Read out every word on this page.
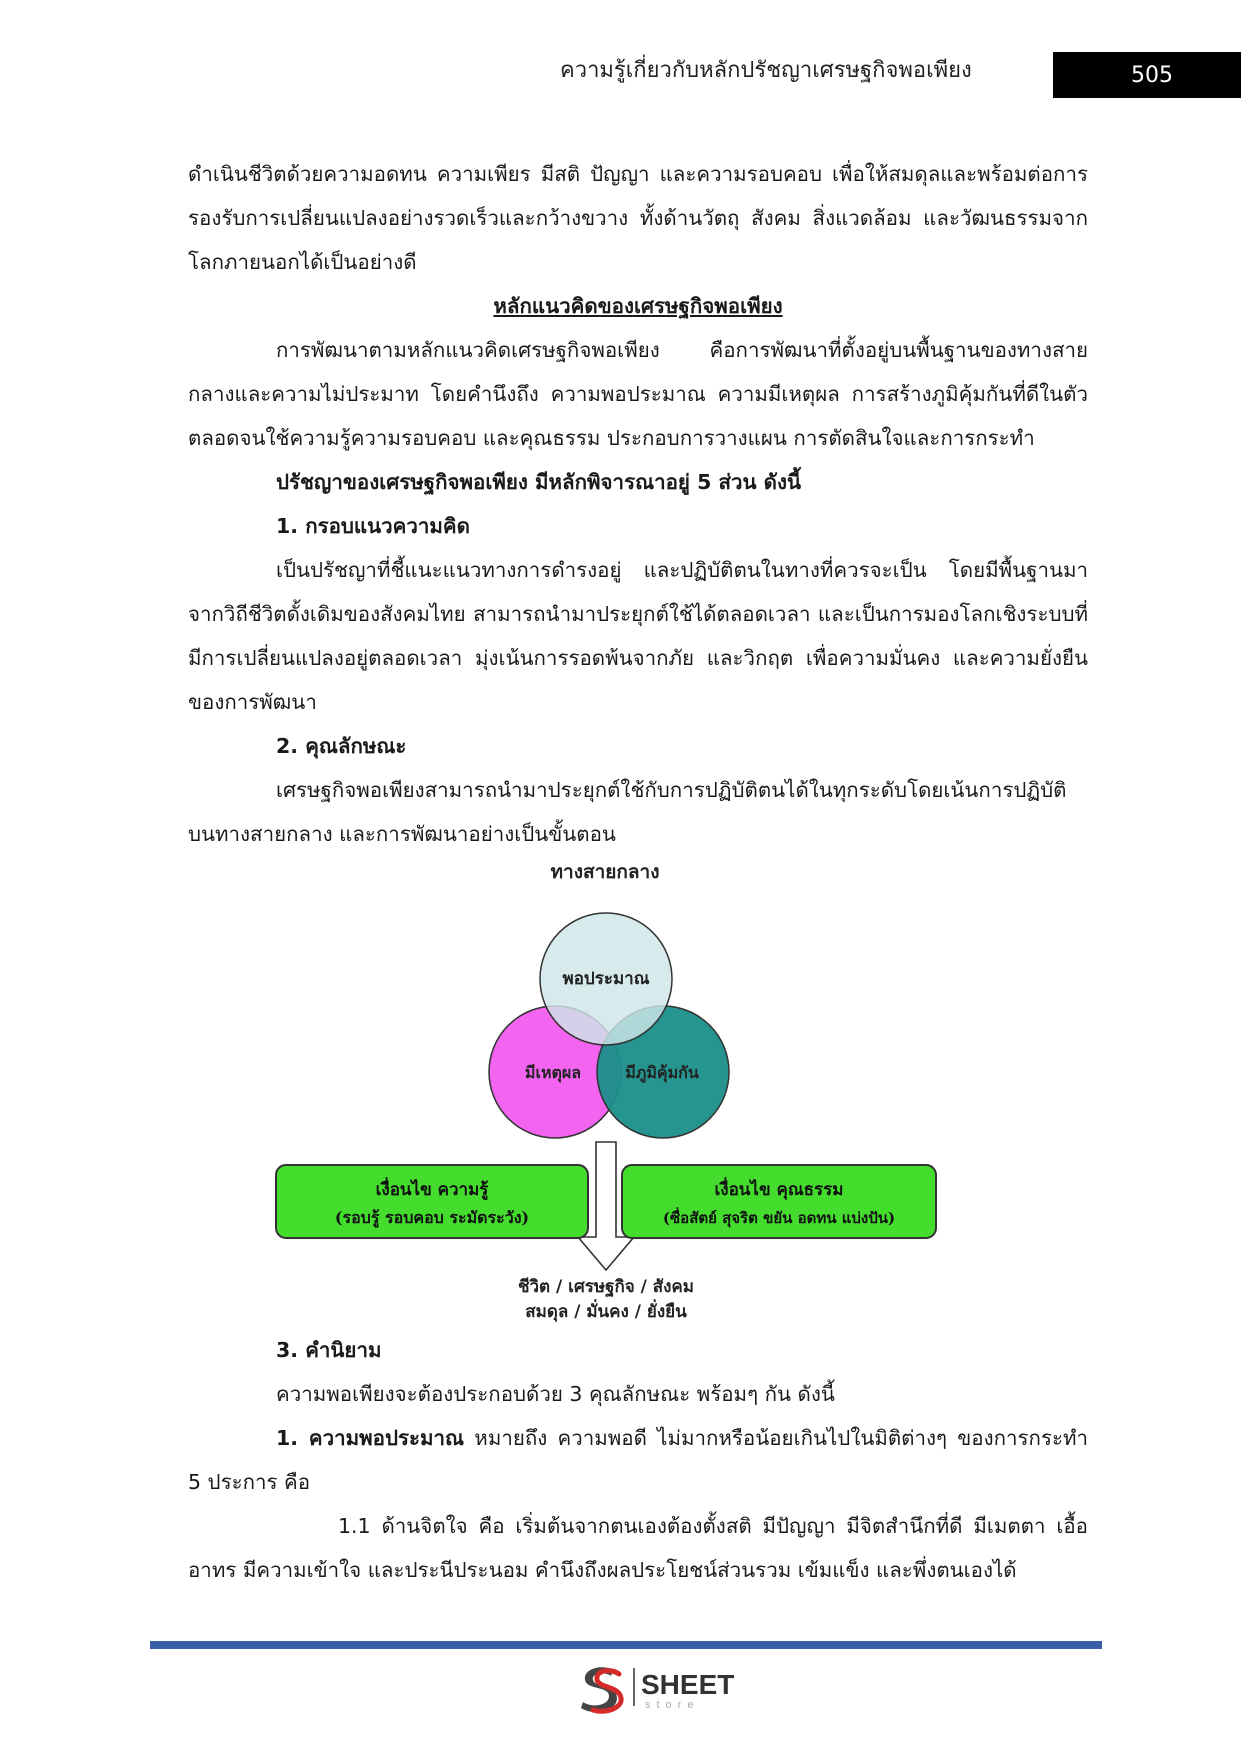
ความรู้เกี่ยวกับหลักปรัชญาเศรษฐกิจพอเพียง	505

ดำเนินชีวิตด้วยความอดทน ความเพียร มีสติ ปัญญา และความรอบคอบ เพื่อให้สมดุลและพร้อมต่อการรองรับการเปลี่ยนแปลงอย่างรวดเร็วและกว้างขวาง ทั้งด้านวัตถุ สังคม สิ่งแวดล้อม และวัฒนธรรมจากโลกภายนอกได้เป็นอย่างดี

หลักแนวคิดของเศรษฐกิจพอเพียง

การพัฒนาตามหลักแนวคิดเศรษฐกิจพอเพียง คือการพัฒนาที่ตั้งอยู่บนพื้นฐานของทางสายกลางและความไม่ประมาท โดยคำนึงถึง ความพอประมาณ ความมีเหตุผล การสร้างภูมิคุ้มกันที่ดีในตัว ตลอดจนใช้ความรู้ความรอบคอบ และคุณธรรม ประกอบการวางแผน การตัดสินใจและการกระทำ

ปรัชญาของเศรษฐกิจพอเพียง มีหลักพิจารณาอยู่ 5 ส่วน ดังนี้

1. กรอบแนวความคิด

เป็นปรัชญาที่ชี้แนะแนวทางการดำรงอยู่ และปฏิบัติตนในทางที่ควรจะเป็น โดยมีพื้นฐานมาจากวิถีชีวิตดั้งเดิมของสังคมไทย สามารถนำมาประยุกต์ใช้ได้ตลอดเวลา และเป็นการมองโลกเชิงระบบที่มีการเปลี่ยนแปลงอยู่ตลอดเวลา มุ่งเน้นการรอดพ้นจากภัย และวิกฤต เพื่อความมั่นคง และความยั่งยืน ของการพัฒนา

2. คุณลักษณะ

เศรษฐกิจพอเพียงสามารถนำมาประยุกต์ใช้กับการปฏิบัติตนได้ในทุกระดับโดยเน้นการปฏิบัติบนทางสายกลาง และการพัฒนาอย่างเป็นขั้นตอน

ทางสายกลาง
พอประมาณ
มีเหตุผล	มีภูมิคุ้มกัน
เงื่อนไข ความรู้
(รอบรู้ รอบคอบ ระมัดระวัง)
เงื่อนไข คุณธรรม
(ซื่อสัตย์ สุจริต ขยัน อดทน แบ่งปัน)
ชีวิต / เศรษฐกิจ / สังคม
สมดุล / มั่นคง / ยั่งยืน

3. คำนิยาม

ความพอเพียงจะต้องประกอบด้วย 3 คุณลักษณะ พร้อมๆ กัน ดังนี้

1. ความพอประมาณ หมายถึง ความพอดี ไม่มากหรือน้อยเกินไปในมิติต่างๆ ของการกระทำ 5 ประการ คือ

1.1 ด้านจิตใจ คือ เริ่มต้นจากตนเองต้องตั้งสติ มีปัญญา มีจิตสำนึกที่ดี มีเมตตา เอื้ออาทร มีความเข้าใจ และประนีประนอม คำนึงถึงผลประโยชน์ส่วนรวม เข้มแข็ง และพึ่งตนเองได้

SHEET
store
